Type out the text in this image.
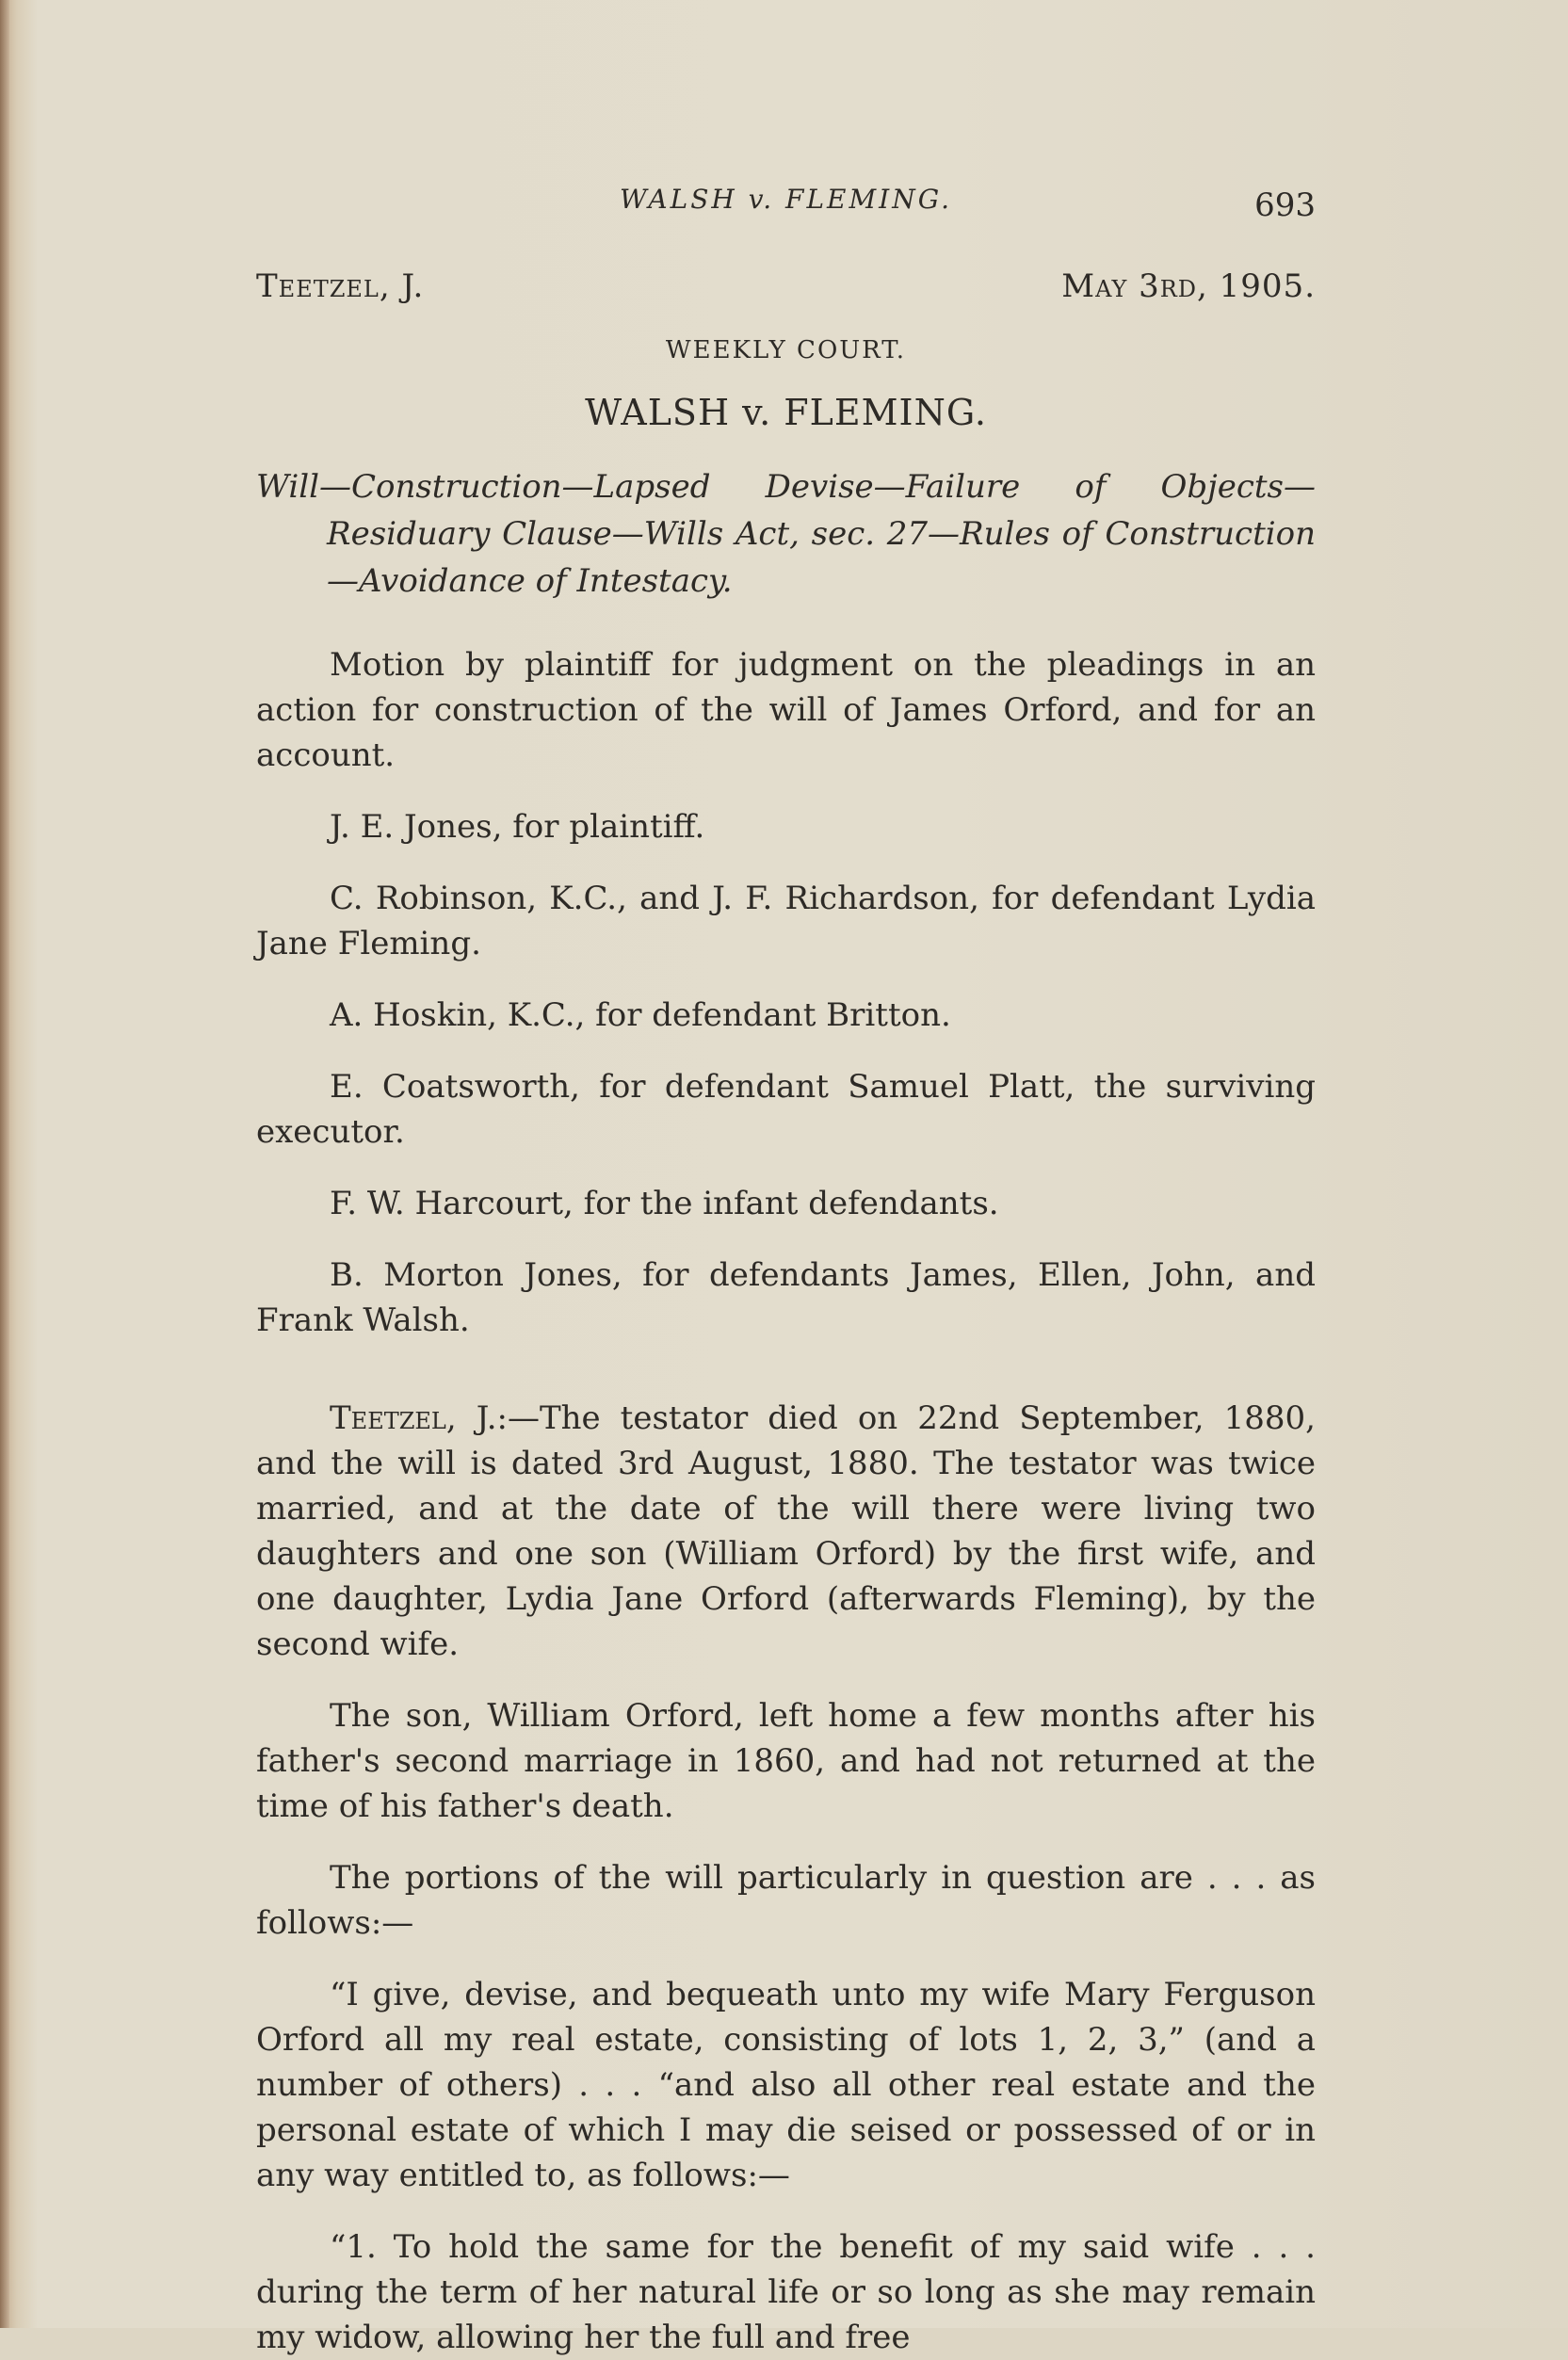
WALSH v. FLEMING.	693
Teetzel, J.	May 3rd, 1905.
WEEKLY COURT.
WALSH v. FLEMING.

Will—Construction—Lapsed Devise—Failure of Objects—Residuary Clause—Wills Act, sec. 27—Rules of Construction—Avoidance of Intestacy.

Motion by plaintiff for judgment on the pleadings in an action for construction of the will of James Orford, and for an account.

J. E. Jones, for plaintiff.

C. Robinson, K.C., and J. F. Richardson, for defendant Lydia Jane Fleming.

A. Hoskin, K.C., for defendant Britton.

E. Coatsworth, for defendant Samuel Platt, the surviving executor.

F. W. Harcourt, for the infant defendants.

B. Morton Jones, for defendants James, Ellen, John, and Frank Walsh.

Teetzel, J.:—The testator died on 22nd September, 1880, and the will is dated 3rd August, 1880. The testator was twice married, and at the date of the will there were living two daughters and one son (William Orford) by the first wife, and one daughter, Lydia Jane Orford (afterwards Fleming), by the second wife.

The son, William Orford, left home a few months after his father's second marriage in 1860, and had not returned at the time of his father's death.

The portions of the will particularly in question are . . . as follows:—

“I give, devise, and bequeath unto my wife Mary Ferguson Orford all my real estate, consisting of lots 1, 2, 3,” (and a number of others) . . . “and also all other real estate and the personal estate of which I may die seised or possessed of or in any way entitled to, as follows:—

“1. To hold the same for the benefit of my said wife . . . during the term of her natural life or so long as she may remain my widow, allowing her the full and free
